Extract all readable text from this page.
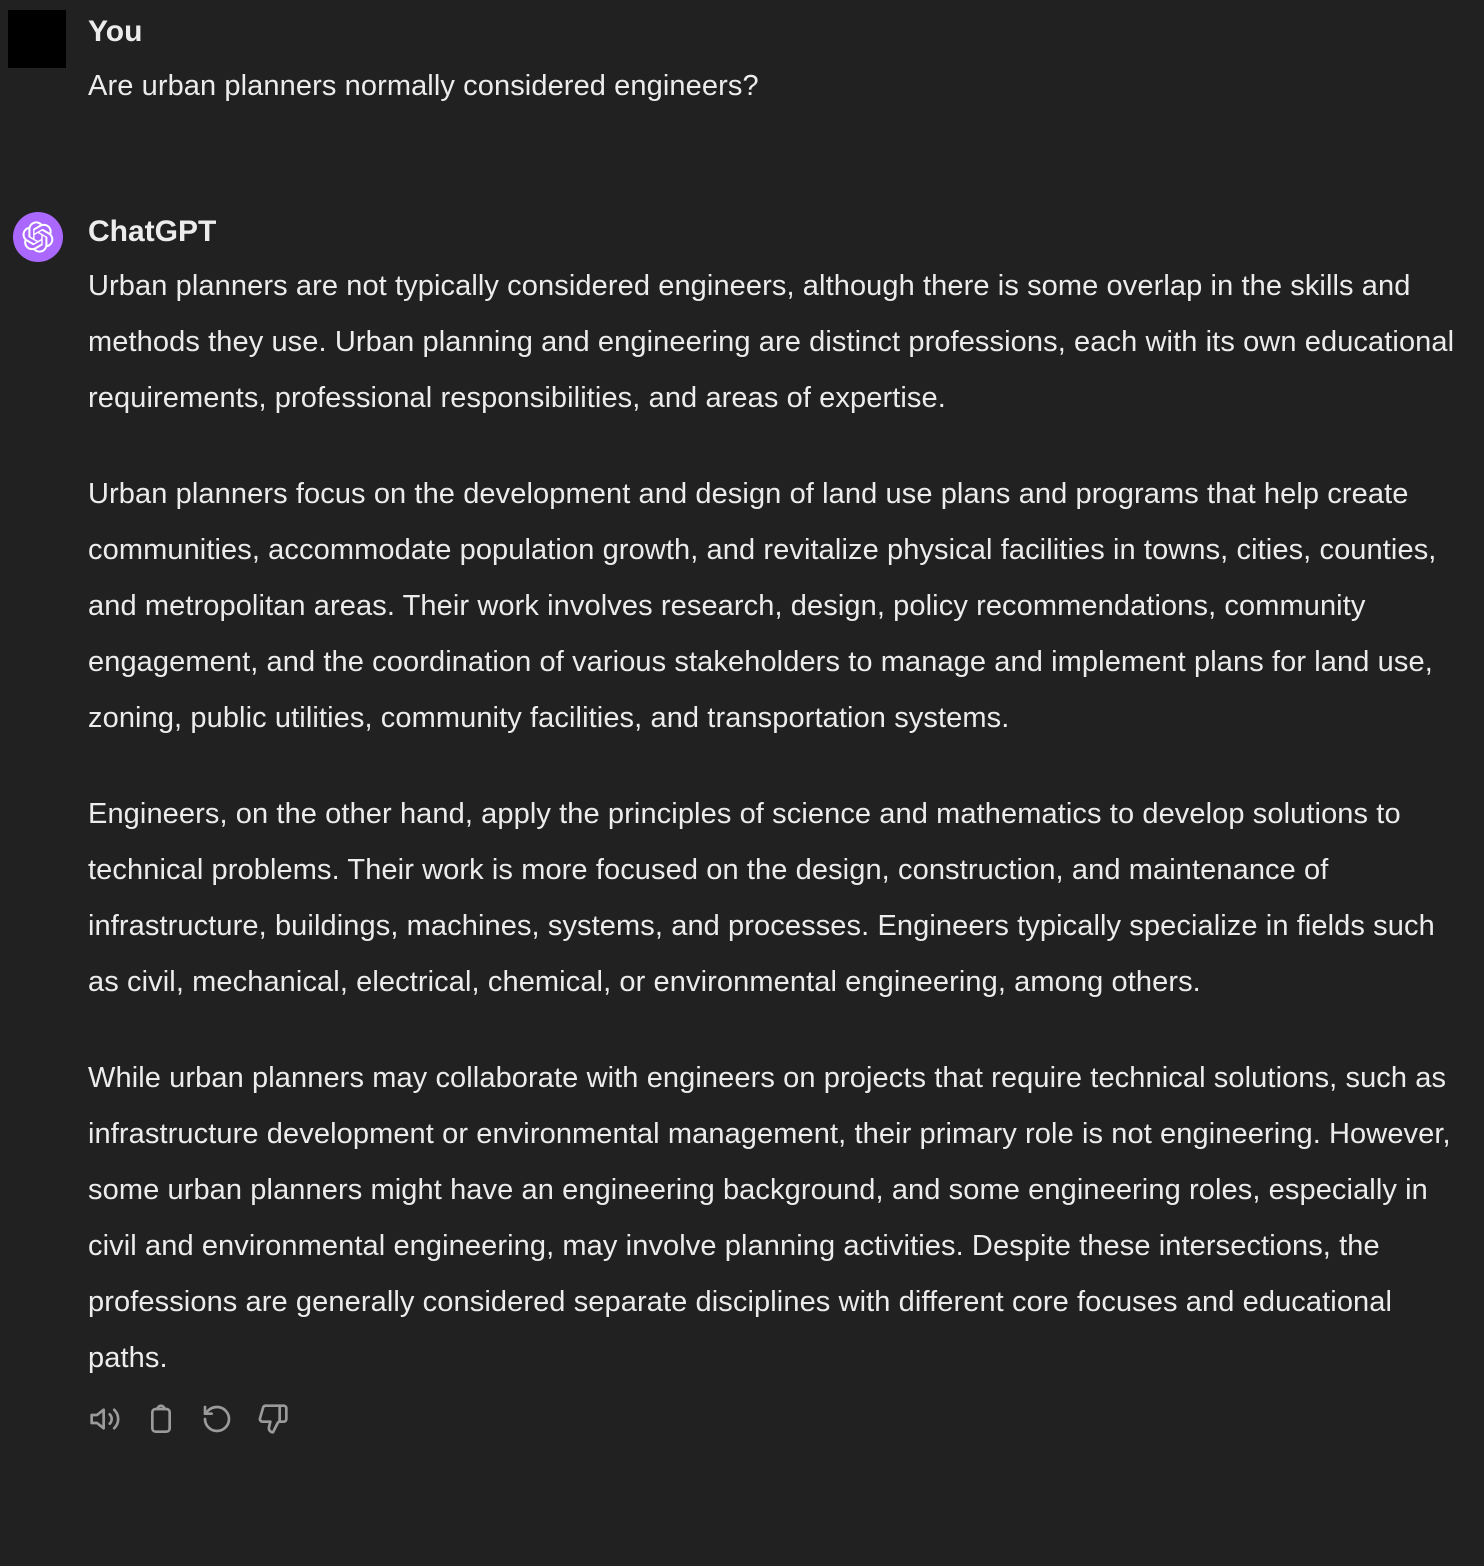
You

Are urban planners normally considered engineers?

ChatGPT

Urban planners are not typically considered engineers, although there is some overlap in the skills and methods they use. Urban planning and engineering are distinct professions, each with its own educational requirements, professional responsibilities, and areas of expertise.

Urban planners focus on the development and design of land use plans and programs that help create communities, accommodate population growth, and revitalize physical facilities in towns, cities, counties, and metropolitan areas. Their work involves research, design, policy recommendations, community engagement, and the coordination of various stakeholders to manage and implement plans for land use, zoning, public utilities, community facilities, and transportation systems.

Engineers, on the other hand, apply the principles of science and mathematics to develop solutions to technical problems. Their work is more focused on the design, construction, and maintenance of infrastructure, buildings, machines, systems, and processes. Engineers typically specialize in fields such as civil, mechanical, electrical, chemical, or environmental engineering, among others.

While urban planners may collaborate with engineers on projects that require technical solutions, such as infrastructure development or environmental management, their primary role is not engineering. However, some urban planners might have an engineering background, and some engineering roles, especially in civil and environmental engineering, may involve planning activities. Despite these intersections, the professions are generally considered separate disciplines with different core focuses and educational paths.
